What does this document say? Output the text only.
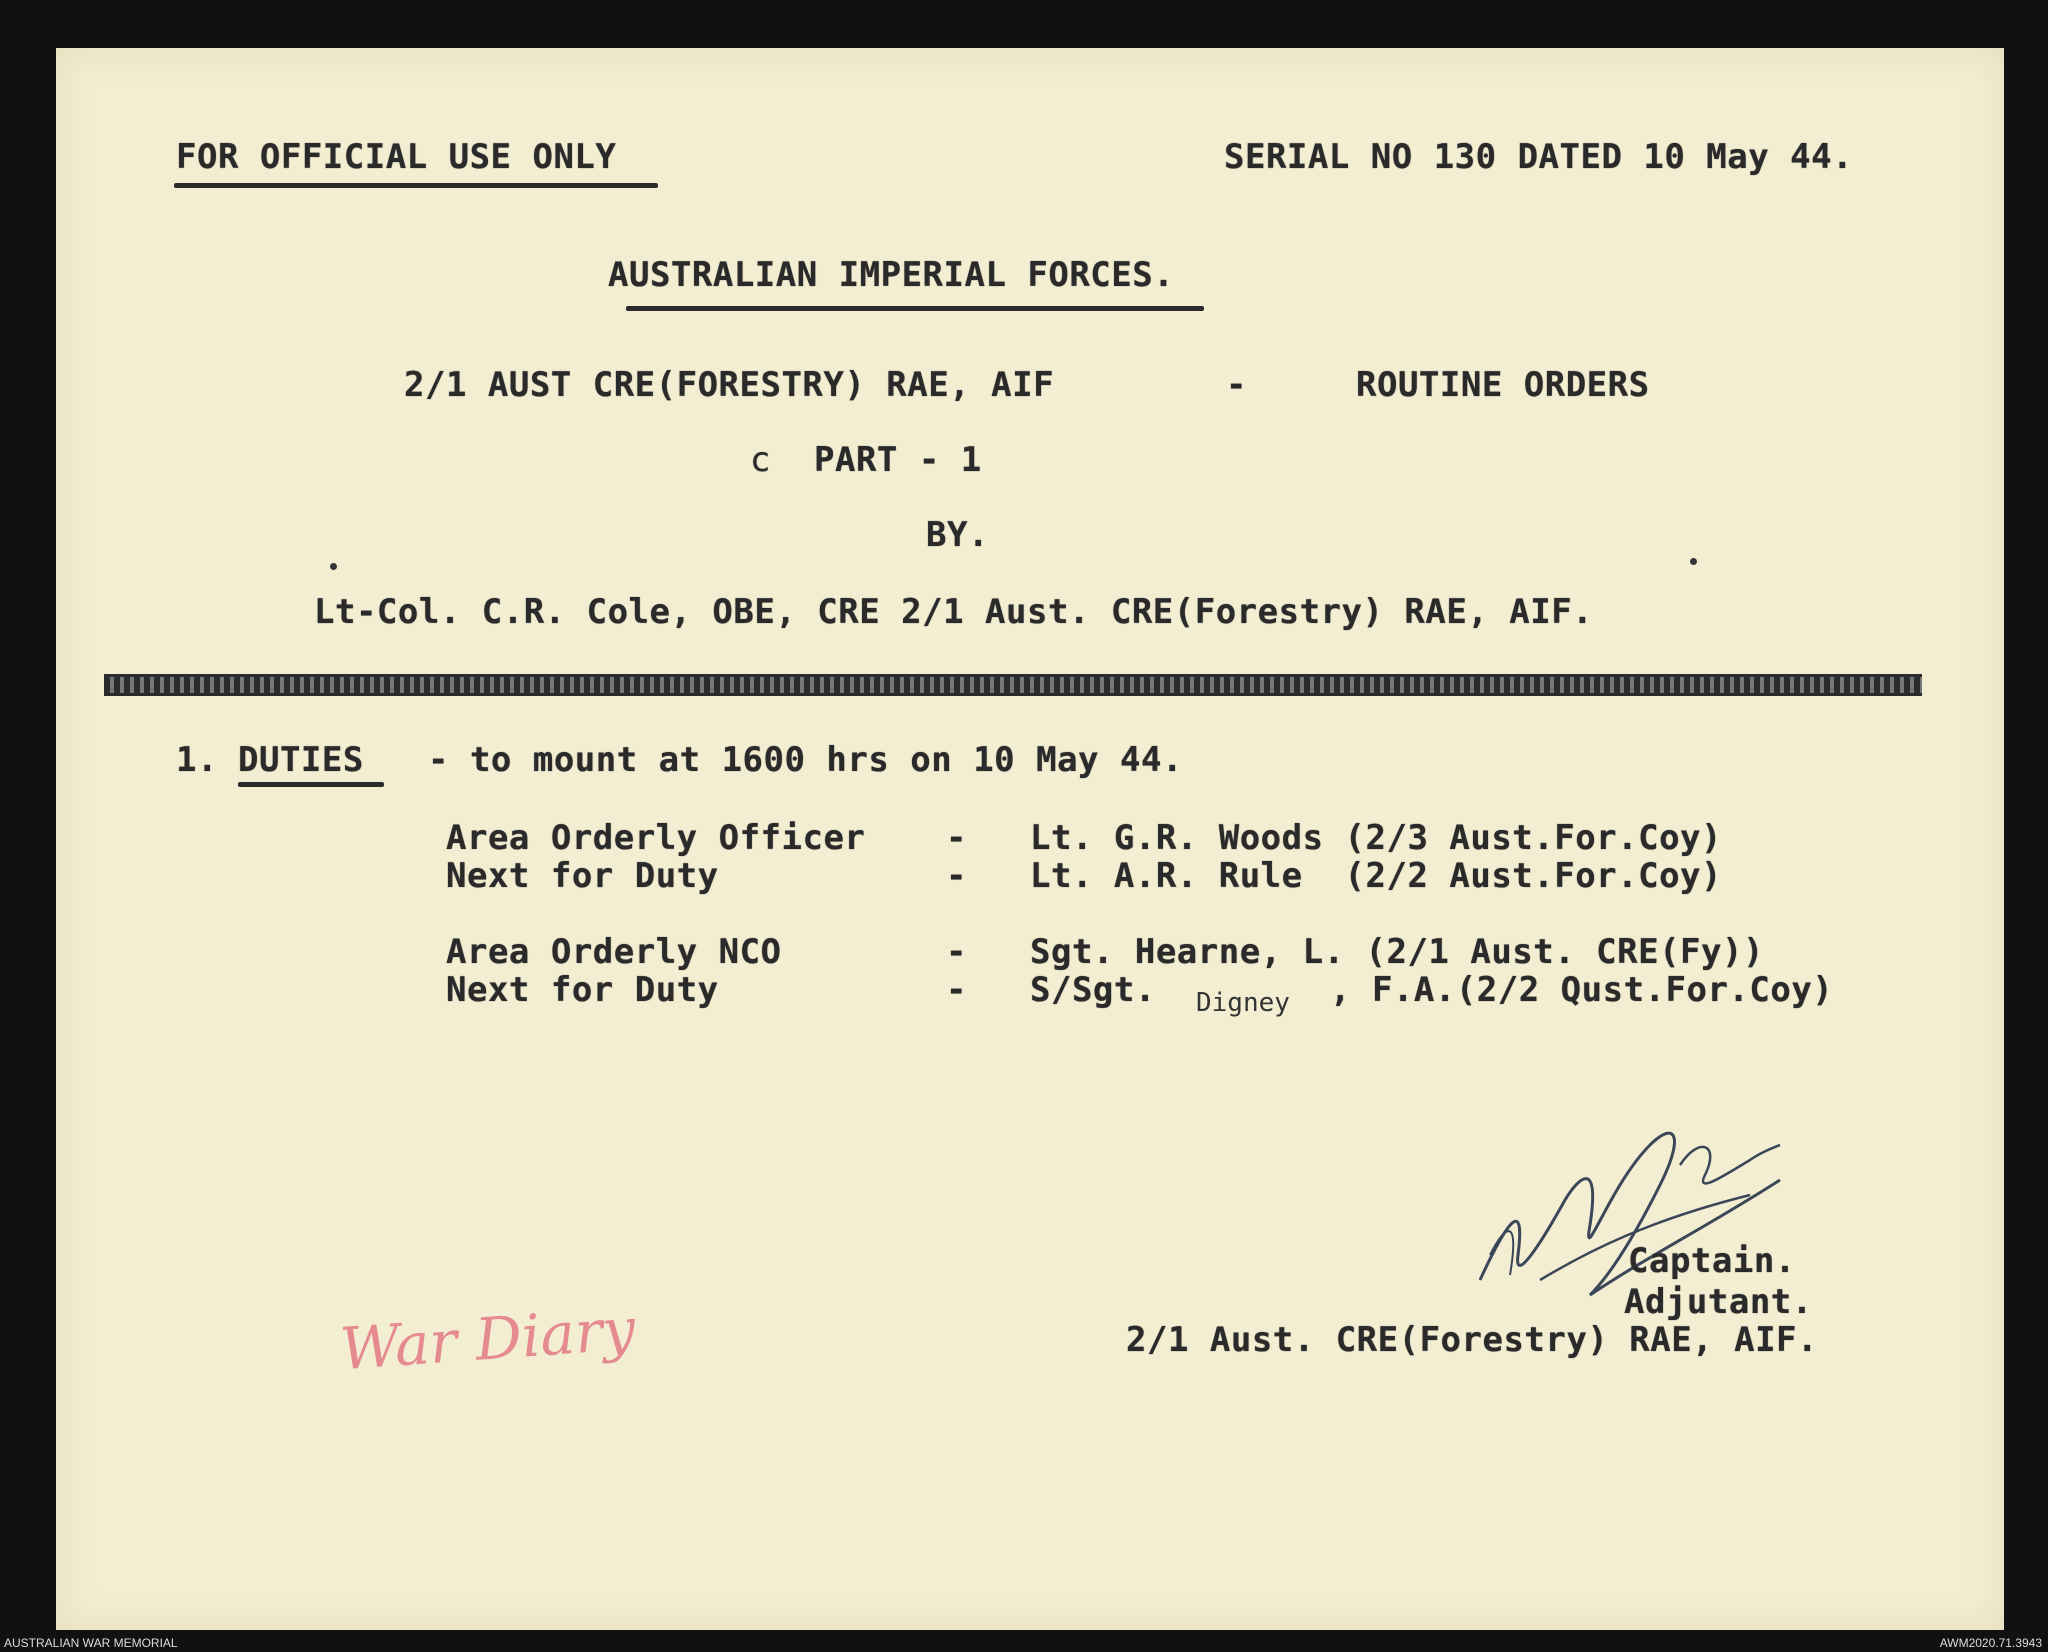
FOR OFFICIAL USE ONLY	SERIAL NO 130 DATED 10 May 44.
AUSTRALIAN IMPERIAL FORCES.
2/1 AUST CRE(FORESTRY) RAE, AIF	-	ROUTINE ORDERS
c PART - 1
BY.
Lt-Col. C.R. Cole, OBE, CRE 2/1 Aust. CRE(Forestry) RAE, AIF.
1. DUTIES - to mount at 1600 hrs on 10 May 44.
Area Orderly Officer - Lt. G.R. Woods (2/3 Aust.For.Coy)
Next for Duty	- Lt. A.R. Rule  (2/2 Aust.For.Coy)
Area Orderly NCO	- Sgt. Hearne, L. (2/1 Aust. CRE(Fy))
Next for Duty	- S/Sgt. Digney , F.A.(2/2 Qust.For.Coy)
Captain.
Adjutant.
2/1 Aust. CRE(Forestry) RAE, AIF.
War Diary
AUSTRALIAN WAR MEMORIAL	AWM2020.71.3943
